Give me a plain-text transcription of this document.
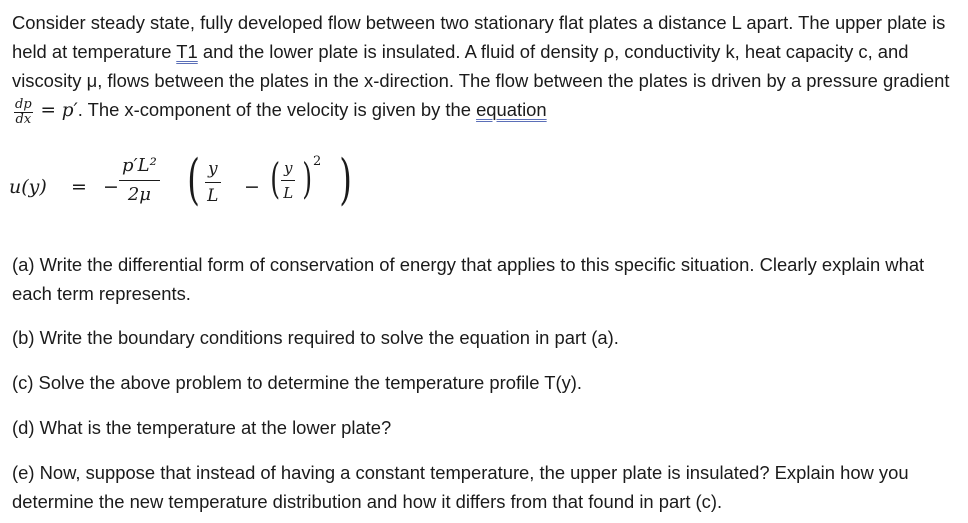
Consider steady state, fully developed flow between two stationary flat plates a distance L apart. The upper plate is held at temperature T1 and the lower plate is insulated. A fluid of density ρ, conductivity k, heat capacity c, and viscosity μ, flows between the plates in the x-direction. The flow between the plates is driven by a pressure gradient
$\frac{dp}{dx} = p'$. The x-component of the velocity is given by the equation

u(y) = − $\frac{\text{p′L²}}{2\mu}$ ( $\frac{y}{L}$ − ( $\frac{y}{L}$ ) 2 )

(a) Write the differential form of conservation of energy that applies to this specific situation. Clearly explain what each term represents.

(b) Write the boundary conditions required to solve the equation in part (a).

(c) Solve the above problem to determine the temperature profile T(y).

(d) What is the temperature at the lower plate?

(e) Now, suppose that instead of having a constant temperature, the upper plate is insulated? Explain how you determine the new temperature distribution and how it differs from that found in part (c).
